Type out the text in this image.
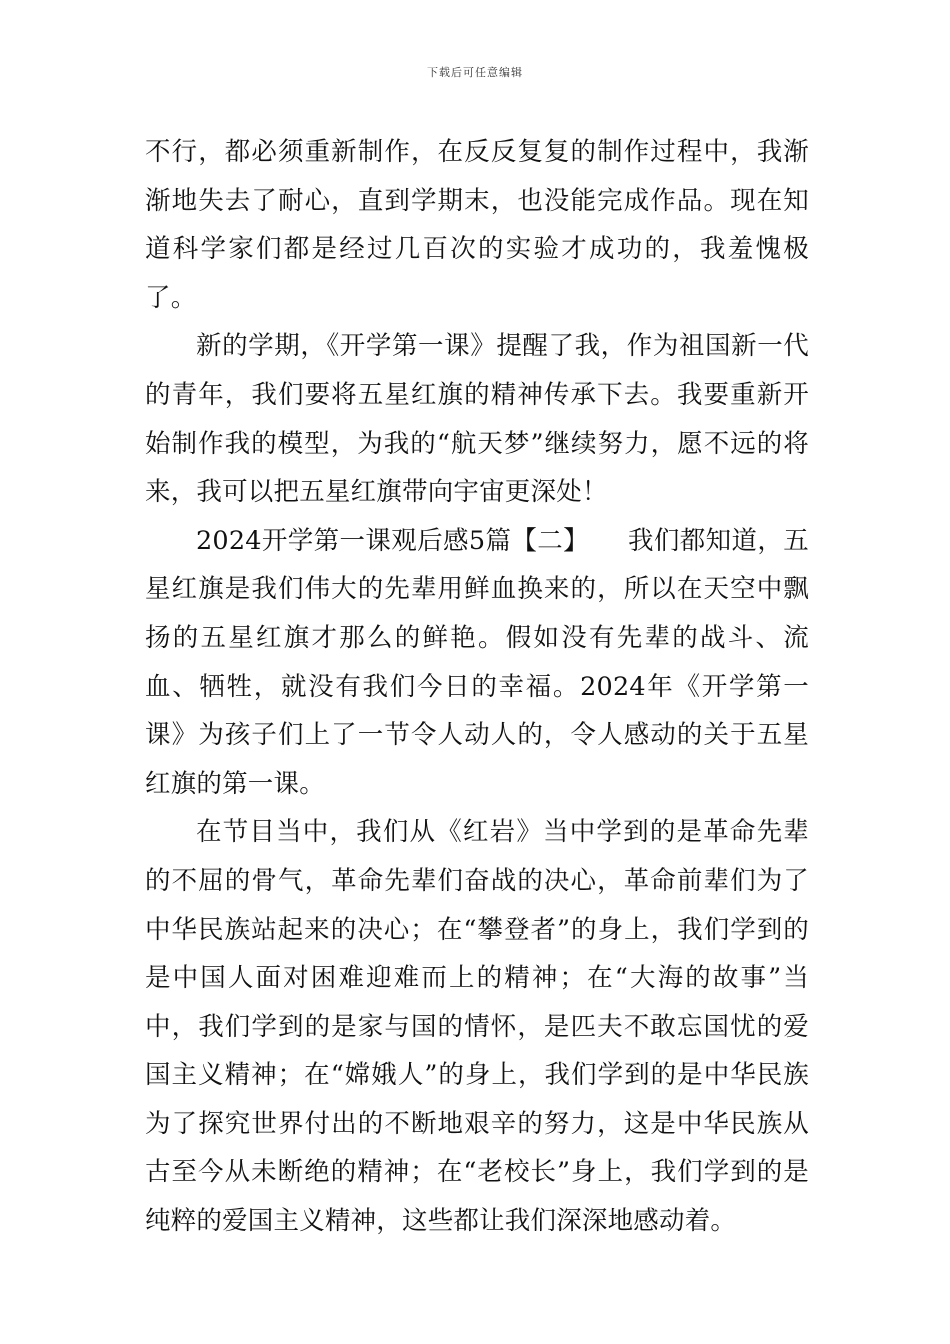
下载后可任意编辑

不行，都必须重新制作，在反反复复的制作过程中，我渐渐地失去了耐心，直到学期末，也没能完成作品。现在知道科学家们都是经过几百次的实验才成功的，我羞愧极了。

新的学期，《开学第一课》提醒了我，作为祖国新一代的青年，我们要将五星红旗的精神传承下去。我要重新开始制作我的模型，为我的“航天梦”继续努力，愿不远的将来，我可以把五星红旗带向宇宙更深处！

2024开学第一课观后感5篇【二】　　我们都知道，五星红旗是我们伟大的先辈用鲜血换来的，所以在天空中飘扬的五星红旗才那么的鲜艳。假如没有先辈的战斗、流血、牺牲，就没有我们今日的幸福。2024年《开学第一课》为孩子们上了一节令人动人的，令人感动的关于五星红旗的第一课。

在节目当中，我们从《红岩》当中学到的是革命先辈的不屈的骨气，革命先辈们奋战的决心，革命前辈们为了中华民族站起来的决心；在“攀登者”的身上，我们学到的是中国人面对困难迎难而上的精神；在“大海的故事”当中，我们学到的是家与国的情怀，是匹夫不敢忘国忧的爱国主义精神；在“嫦娥人”的身上，我们学到的是中华民族为了探究世界付出的不断地艰辛的努力，这是中华民族从古至今从未断绝的精神；在“老校长”身上，我们学到的是纯粹的爱国主义精神，这些都让我们深深地感动着。
